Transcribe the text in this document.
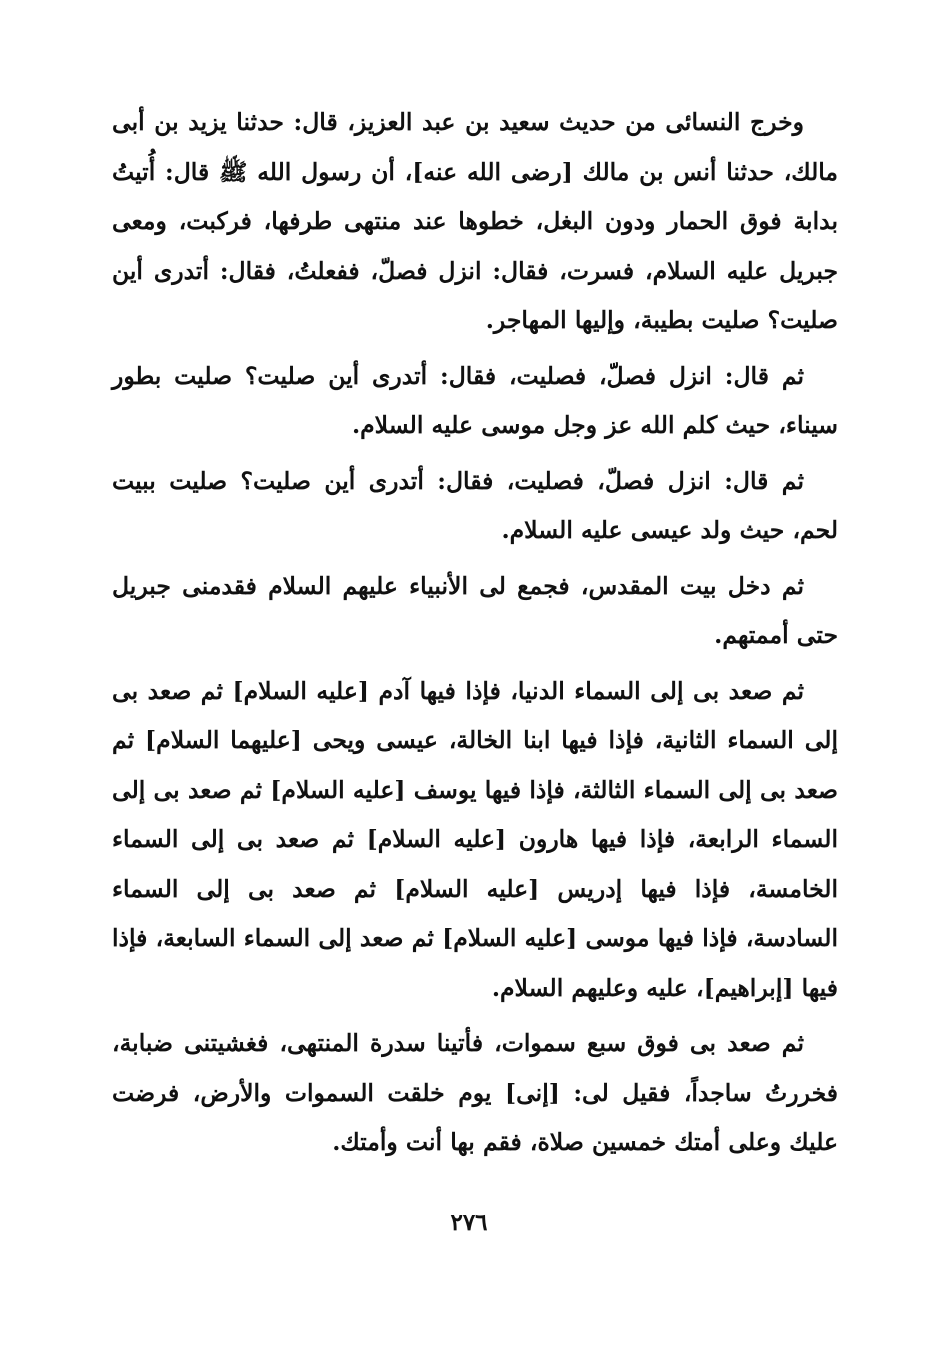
وخرج النسائى من حديث سعيد بن عبد العزيز، قال: حدثنا يزيد بن أبى مالك، حدثنا أنس بن مالك [رضى الله عنه]، أن رسول الله ﷺ قال: أُتيتُ بدابة فوق الحمار ودون البغل، خطوها عند منتهى طرفها، فركبت، ومعى جبريل عليه السلام، فسرت، فقال: انزل فصلّ، ففعلتُ، فقال: أتدرى أين صليت؟ صليت بطيبة، وإليها المهاجر.

ثم قال: انزل فصلّ، فصليت، فقال: أتدرى أين صليت؟ صليت بطور سيناء، حيث كلم الله عز وجل موسى عليه السلام.

ثم قال: انزل فصلّ، فصليت، فقال: أتدرى أين صليت؟ صليت ببيت لحم، حيث ولد عيسى عليه السلام.

ثم دخل بيت المقدس، فجمع لى الأنبياء عليهم السلام فقدمنى جبريل حتى أممتهم.

ثم صعد بى إلى السماء الدنيا، فإذا فيها آدم [عليه السلام] ثم صعد بى إلى السماء الثانية، فإذا فيها ابنا الخالة، عيسى ويحى [عليهما السلام] ثم صعد بى إلى السماء الثالثة، فإذا فيها يوسف [عليه السلام] ثم صعد بى إلى السماء الرابعة، فإذا فيها هارون [عليه السلام] ثم صعد بى إلى السماء الخامسة، فإذا فيها إدريس [عليه السلام] ثم صعد بى إلى السماء السادسة، فإذا فيها موسى [عليه السلام] ثم صعد إلى السماء السابعة، فإذا فيها [إبراهيم]، عليه وعليهم السلام.

ثم صعد بى فوق سبع سموات، فأتينا سدرة المنتهى، فغشيتنى ضبابة، فخررتُ ساجداً، فقيل لى: [إنى] يوم خلقت السموات والأرض، فرضت عليك وعلى أمتك خمسين صلاة، فقم بها أنت وأمتك.

٢٧٦
